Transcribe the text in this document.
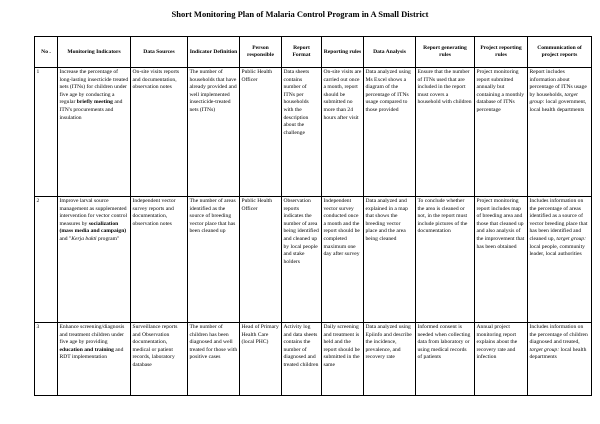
Short Monitoring Plan of Malaria Control Program in A Small District
No .	Monitoring Indicators	Data Sources	Indicator Definition	Person responsible	Report Format	Reporting rules	Data Analysis	Report generating rules	Project reporting rules	Communication of project reports
1	Increase the percentage of long-lasting insecticide treated nets (ITNs) for children under five age by conducting a regular briefly meeting and ITN's procurements and insulation	On-site visits reports and documentation, observation notes	The number of households that have already provided and well implemented insecticide-treated nets (ITNs)	Public Health Officer	Data sheets contains number of ITNs per households with the description about the challenge	On-site visits are carried out once a month, report should be submitted no more than 24 hours after visit	Data analyzed using Ms Excel shows a diagram of the percentage of ITNs usage compared to those provided	Ensure that the number of ITNs used that are included in the report must covers a household with children	Project monitoring report submitted annually but containing a monthly database of ITNs percentage	Report includes information about percentage of ITNs usage by households, target group: local government, local health departments
2	Improve larval source management as supplemented intervention for vector control measures by socialization (mass media and campaign) and "Kerja bakti program"	Independent vector survey reports and documentation, observation notes	The number of areas identified as the source of breeding vector place that has been cleaned up	Public Health Officer	Observation reports indicates the number of area being identified and cleaned up by local people and stake holders	Independent vector survey conducted once a month and the report should be completed maximum one day after survey	Data analyzed and explained in a map that shows the breeding vector place and the area being cleaned	To conclude whether the area is cleaned or not, in the report must include pictures of the documentation	Project monitoring report includes map of breeding area and those that cleaned up and also analysis of the improvement that has been obtained	Includes information on the percentage of areas identified as a source of vector breeding place that has been identified and cleaned up, target group: local people, community leader, local authorities
3	Enhance screening/diagnosis and treatment children under five age by providing education and training and RDT implementation	Surveillance reports and Observation documentation, medical or patient records, laboratory database	The number of children has been diagnosed and well treated for those with positive cases	Head of Primary Health Care (local PHC)	Activity log and data sheets contains the number of diagnosed and treated children	Daily screening and treatment is held and the report should be submitted in the same	Data analyzed using Epiinfo and describe the incidence, prevalence, and recovery rate	Informed consent is needed when collecting data from laboratory or using medical records of patients	Annual project monitoring report explains about the recovery rate and infection	Includes information on the percentage of children diagnosed and treated, target group: local health departments
